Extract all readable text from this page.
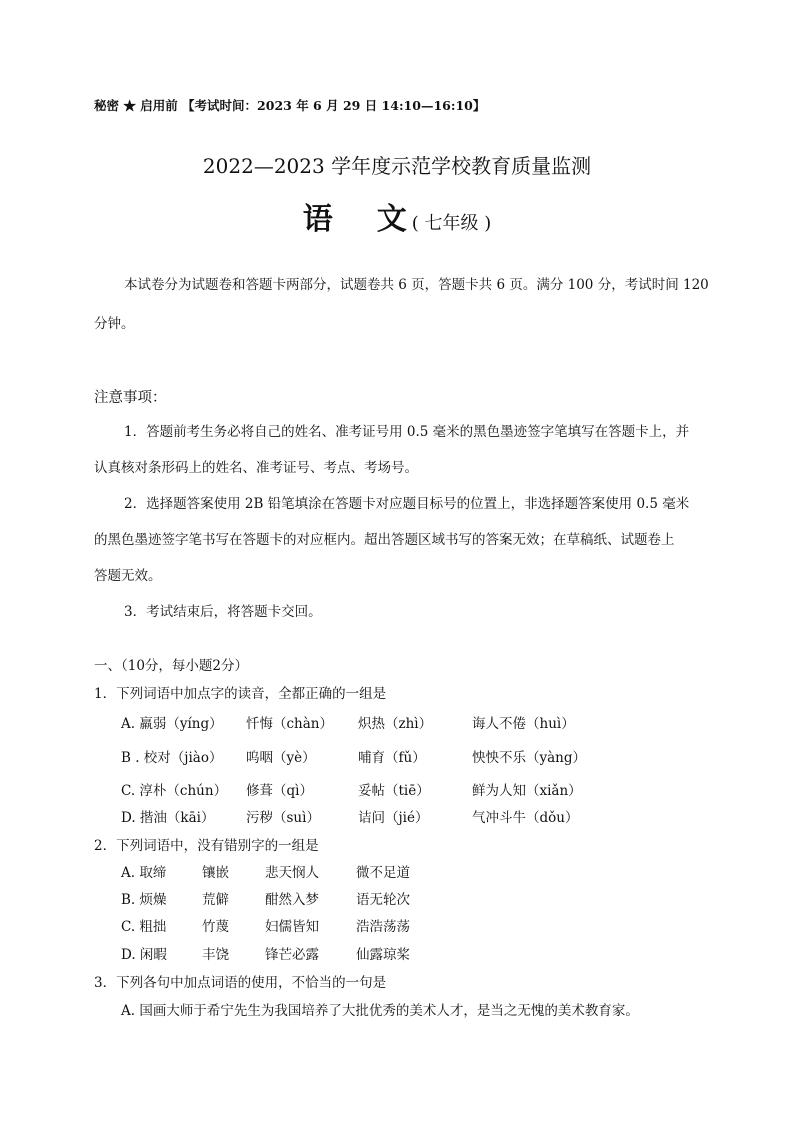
秘密 ★ 启用前 【考试时间：2023 年 6 月 29 日 14:10—16:10】
2022—2023 学年度示范学校教育质量监测
语 文 ( 七年级 )
本试卷分为试题卷和答题卡两部分，试题卷共 6 页，答题卡共 6 页。满分 100 分，考试时间 120
分钟。
注意事项：
1．答题前考生务必将自己的姓名、准考证号用 0.5 毫米的黑色墨迹签字笔填写在答题卡上，并
认真核对条形码上的姓名、准考证号、考点、考场号。
2．选择题答案使用 2B 铅笔填涂在答题卡对应题目标号的位置上，非选择题答案使用 0.5 毫米
的黑色墨迹签字笔书写在答题卡的对应框内。超出答题区域书写的答案无效；在草稿纸、试题卷上
答题无效。
3．考试结束后，将答题卡交回。
一、（10分，每小题2分）
1．下列词语中加点字的读音，全都正确的一组是
A. 羸弱（yíng） 忏悔（chàn） 炽热（zhì）	诲人不倦（huì）
B . 校对（jiào） 呜咽（yè）	哺育（fǔ）	怏怏不乐（yàng）
C. 淳朴（chún） 修葺（qì）	妥帖（tiē）	鲜为人知（xiǎn）
D. 揩油（kāi） 污秽（suì）	诘问（jié）	气冲斗牛（dǒu）
2．下列词语中，没有错别字的一组是
A. 取缔	镶嵌	悲天悯人	微不足道
B. 烦燥	荒僻	酣然入梦	语无轮次
C. 粗拙	竹蔑	妇儒皆知	浩浩荡荡
D. 闲暇	丰饶	锋芒必露	仙露琼桨
3．下列各句中加点词语的使用，不恰当的一句是
A. 国画大师于希宁先生为我国培养了大批优秀的美术人才，是当之无愧的美术教育家。
